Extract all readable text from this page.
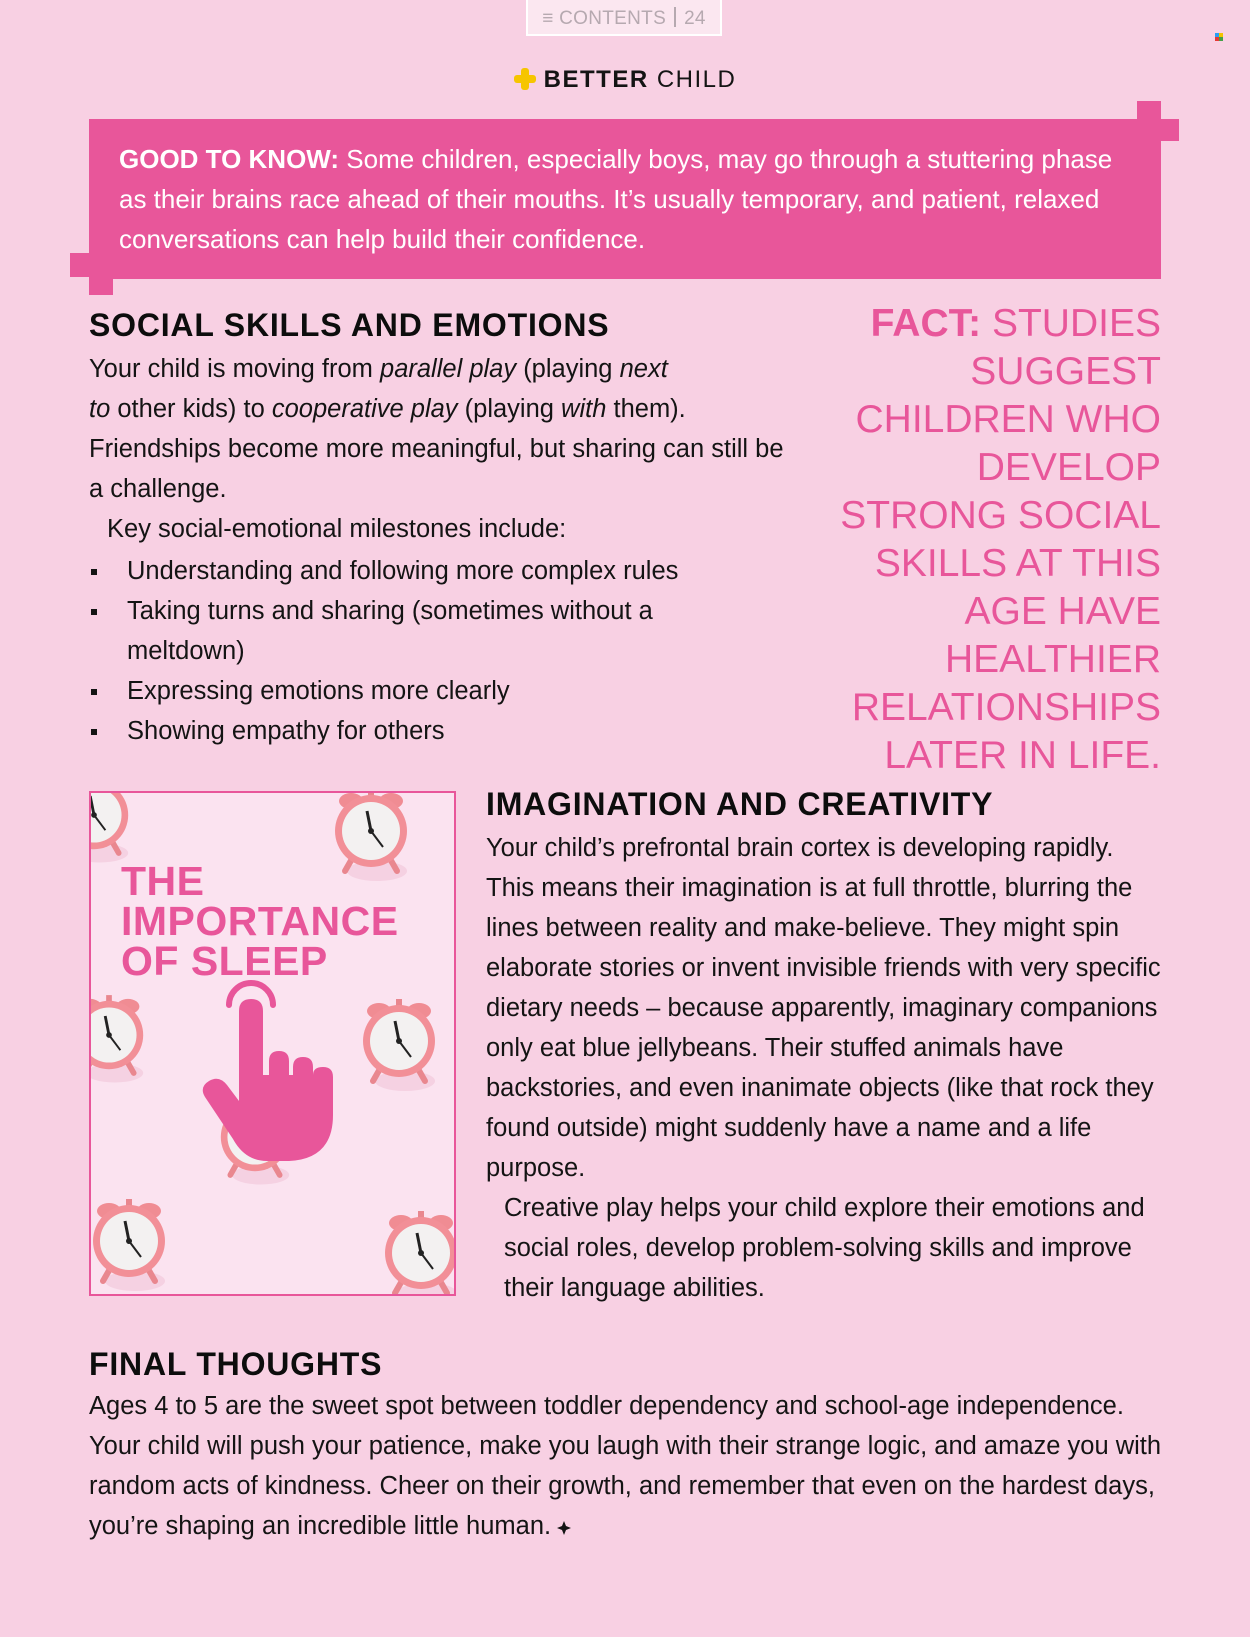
≡ CONTENTS 24
BETTER CHILD
GOOD TO KNOW: Some children, especially boys, may go through a stuttering phase as their brains race ahead of their mouths. It’s usually temporary, and patient, relaxed conversations can help build their confidence.
SOCIAL SKILLS AND EMOTIONS

Your child is moving from parallel play (playing next
to other kids) to cooperative play (playing with them). Friendships become more meaningful, but sharing can still be a challenge.

Key social-emotional milestones include:

Understanding and following more complex rules
Taking turns and sharing (sometimes without a meltdown)
Expressing emotions more clearly
Showing empathy for others
FACT: STUDIES SUGGEST CHILDREN WHO DEVELOP STRONG SOCIAL SKILLS AT THIS AGE HAVE HEALTHIER RELATIONSHIPS LATER IN LIFE.
THE
IMPORTANCE
OF SLEEP
IMAGINATION AND CREATIVITY

Your child’s prefrontal brain cortex is developing rapidly. This means their imagination is at full throttle, blurring the lines between reality and make-believe. They might spin elaborate stories or invent invisible friends with very specific dietary needs – because apparently, imaginary companions only eat blue jellybeans. Their stuffed animals have backstories, and even inanimate objects (like that rock they found outside) might suddenly have a name and a life purpose.

Creative play helps your child explore their emotions and social roles, develop problem-solving skills and improve their language abilities.

FINAL THOUGHTS

Ages 4 to 5 are the sweet spot between toddler dependency and school-age independence. Your child will push your patience, make you laugh with their strange logic, and amaze you with random acts of kindness. Cheer on their growth, and remember that even on the hardest days, you’re shaping an incredible little human.
